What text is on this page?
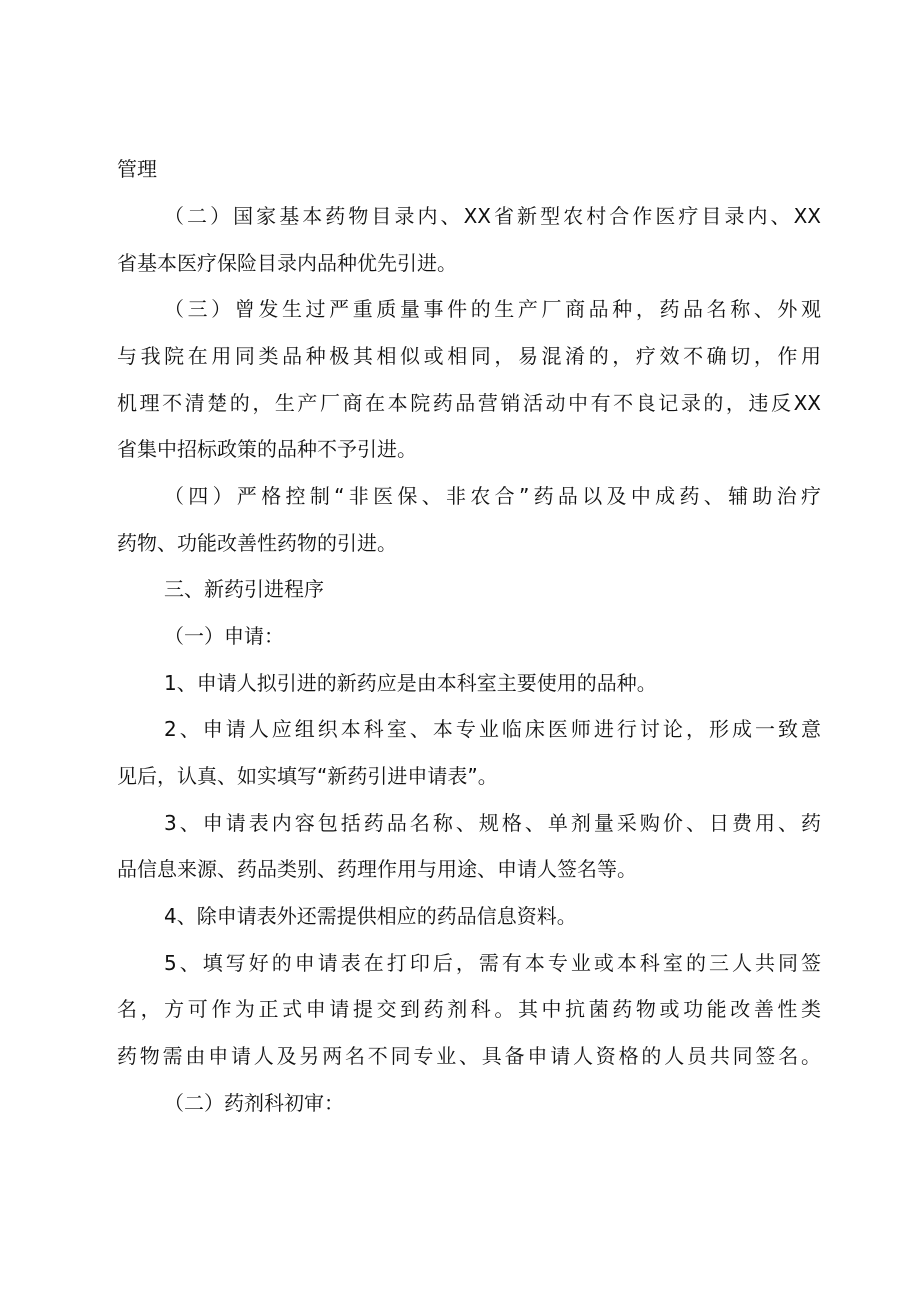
管理

（二）国家基本药物目录内、XX省新型农村合作医疗目录内、XX

省基本医疗保险目录内品种优先引进。

（三）曾发生过严重质量事件的生产厂商品种，药品名称、外观

与我院在用同类品种极其相似或相同，易混淆的，疗效不确切，作用

机理不清楚的，生产厂商在本院药品营销活动中有不良记录的，违反XX

省集中招标政策的品种不予引进。

（四）严格控制“非医保、非农合”药品以及中成药、辅助治疗

药物、功能改善性药物的引进。

三、新药引进程序

（一）申请：

1、申请人拟引进的新药应是由本科室主要使用的品种。

2、申请人应组织本科室、本专业临床医师进行讨论，形成一致意

见后，认真、如实填写“新药引进申请表”。

3、申请表内容包括药品名称、规格、单剂量采购价、日费用、药

品信息来源、药品类别、药理作用与用途、申请人签名等。

4、除申请表外还需提供相应的药品信息资料。

5、填写好的申请表在打印后，需有本专业或本科室的三人共同签

名，方可作为正式申请提交到药剂科。其中抗菌药物或功能改善性类

药物需由申请人及另两名不同专业、具备申请人资格的人员共同签名。

（二）药剂科初审：
